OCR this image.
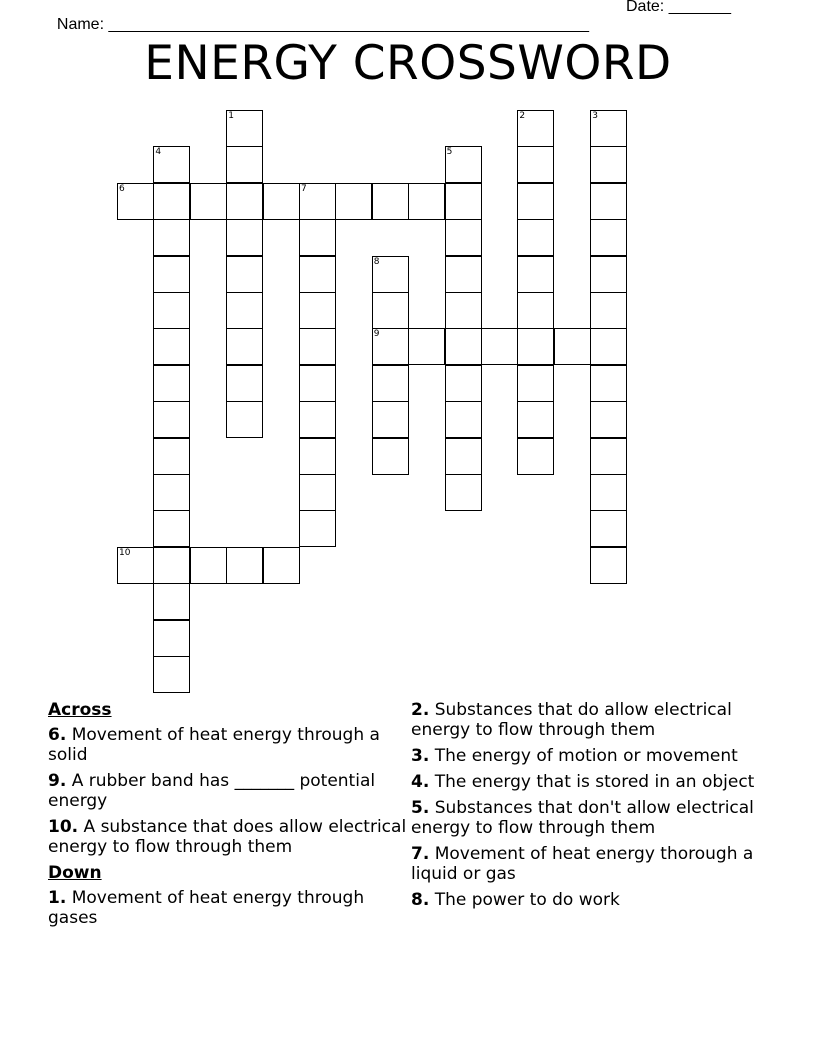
Name: ______________________________________________________

Date: _______

ENERGY CROSSWORD
1	2	3
4	5
6	7
8
9
10
Across
6. Movement of heat energy through a solid
9. A rubber band has _______ potential energy
10. A substance that does allow electrical energy to flow through them
Down
1. Movement of heat energy through gases
2. Substances that do allow electrical energy to flow through them
3. The energy of motion or movement
4. The energy that is stored in an object
5. Substances that don't allow electrical energy to flow through them
7. Movement of heat energy thorough a liquid or gas
8. The power to do work
